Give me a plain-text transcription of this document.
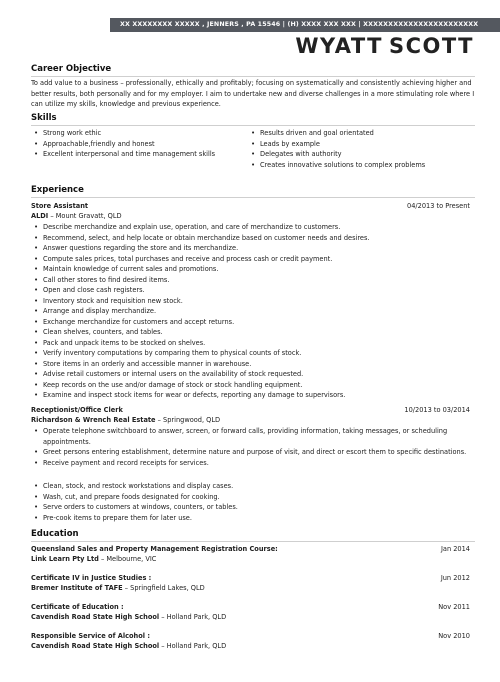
XX XXXXXXXX XXXXX , JENNERS , PA 15546 | (H) XXXX XXX XXX | XXXXXXXXXXXXXXXXXXXXXXX
WYATT SCOTT
Career Objective
To add value to a business – professionally, ethically and profitably; focusing on systematically and consistently achieving higher and better results, both personally and for my employer. I aim to undertake new and diverse challenges in a more stimulating role where I can utilize my skills, knowledge and previous experience.
Skills
• Strong work ethic
• Approachable,friendly and honest
• Excellent interpersonal and time management skills
• Results driven and goal orientated
• Leads by example
• Delegates with authority
• Creates innovative solutions to complex problems
Experience
Store Assistant	04/2013 to Present
ALDI – Mount Gravatt, QLD
• Describe merchandize and explain use, operation, and care of merchandize to customers.
• Recommend, select, and help locate or obtain merchandize based on customer needs and desires.
• Answer questions regarding the store and its merchandize.
• Compute sales prices, total purchases and receive and process cash or credit payment.
• Maintain knowledge of current sales and promotions.
• Call other stores to find desired items.
• Open and close cash registers.
• Inventory stock and requisition new stock.
• Arrange and display merchandize.
• Exchange merchandize for customers and accept returns.
• Clean shelves, counters, and tables.
• Pack and unpack items to be stocked on shelves.
• Verify inventory computations by comparing them to physical counts of stock.
• Store items in an orderly and accessible manner in warehouse.
• Advise retail customers or internal users on the availability of stock requested.
• Keep records on the use and/or damage of stock or stock handling equipment.
• Examine and inspect stock items for wear or defects, reporting any damage to supervisors.
Receptionist/Office Clerk	10/2013 to 03/2014
Richardson & Wrench Real Estate – Springwood, QLD
• Operate telephone switchboard to answer, screen, or forward calls, providing information, taking messages, or scheduling appointments.
• Greet persons entering establishment, determine nature and purpose of visit, and direct or escort them to specific destinations.
• Receive payment and record receipts for services.
• Clean, stock, and restock workstations and display cases.
• Wash, cut, and prepare foods designated for cooking.
• Serve orders to customers at windows, counters, or tables.
• Pre-cook items to prepare them for later use.
Education
Queensland Sales and Property Management Registration Course:	Jan 2014
Link Learn Pty Ltd – Melbourne, VIC
Certificate IV in Justice Studies :	Jun 2012
Bremer Institute of TAFE – Springfield Lakes, QLD
Certificate of Education :	Nov 2011
Cavendish Road State High School – Holland Park, QLD
Responsible Service of Alcohol :	Nov 2010
Cavendish Road State High School – Holland Park, QLD
